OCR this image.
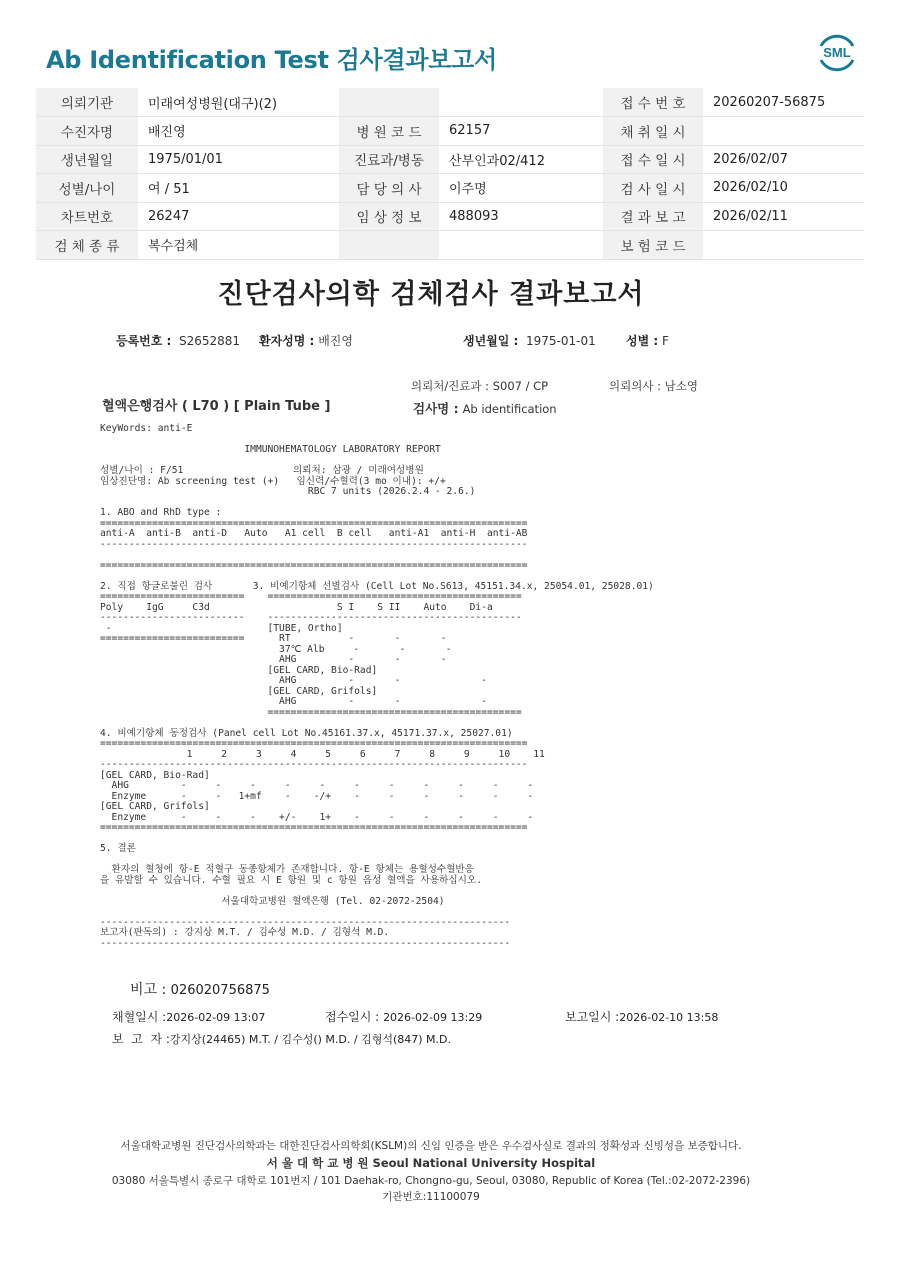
Ab Identification Test 검사결과보고서	SML
의뢰기관	미래여성병원(대구)(2)			접 수 번 호	20260207-56875
수진자명	배진영	병 원 코 드	62157	채 취 일 시	
생년월일	1975/01/01	진료과/병동	산부인과02/412	접 수 일 시	2026/02/07
성별/나이	여 / 51	담 당 의 사	이주명	검 사 일 시	2026/02/10
차트번호	26247	임 상 정 보	488093	결 과 보 고	2026/02/11
검 체 종 류	복수검체			보 험 코 드	
진단검사의학 검체검사 결과보고서
등록번호 : S2652881 환자성명 : 배진영	생년월일 : 1975-01-01	성별 : F
의뢰처/진료과 : S007 / CP	의뢰의사 : 남소영
혈액은행검사 ( L70 ) [ Plain Tube ]	검사명 : Ab identification
KeyWords: anti-E
IMMUNOHEMATOLOGY LABORATORY REPORT
성별/나이 : F/51                   의뢰처: 삼광 / 미래여성병원
임상진단명: Ab screening test (+)   임신력/수혈력(3 mo 이내): +/+
RBC 7 units (2026.2.4 - 2.6.)
1. ABO and RhD type :
==========================================================================
anti-A  anti-B  anti-D   Auto   A1 cell  B cell   anti-A1  anti-H  anti-AB
--------------------------------------------------------------------------
==========================================================================
2. 직접 항글로불린 검사       3. 비예기항체 선별검사 (Cell Lot No.S613, 45151.34.x, 25054.01, 25028.01)
=========================    ============================================
Poly    IgG     C3d                      S I    S II    Auto    Di-a
-------------------------    --------------------------------------------
-                           [TUBE, Ortho]
=========================      RT          -       -       -
37℃ Alb     -       -       -
AHG         -       -       -
[GEL CARD, Bio-Rad]
AHG         -       -              -
[GEL CARD, Grifols]
AHG         -       -              -
============================================
4. 비예기항체 동정검사 (Panel cell Lot No.45161.37.x, 45171.37.x, 25027.01)
==========================================================================
1     2     3     4     5     6     7     8     9     10    11
--------------------------------------------------------------------------
[GEL CARD, Bio-Rad]
AHG         -     -     -     -     -     -     -     -     -     -     -
Enzyme      -     -   1+mf    -    -/+    -     -     -     -     -     -
[GEL CARD, Grifols]
Enzyme      -     -     -    +/-    1+    -     -     -     -     -     -
==========================================================================
5. 결론
환자의 혈청에 항-E 적혈구 동종항체가 존재합니다. 항-E 항체는 용혈성수혈반응
을 유발할 수 있습니다. 수혈 필요 시 E 항원 및 c 항원 음성 혈액을 사용하십시오.
서울대학교병원 혈액은행 (Tel. 02-2072-2504)
-----------------------------------------------------------------------
보고자(판독의) : 강지상 M.T. / 김수성 M.D. / 김형석 M.D.
-----------------------------------------------------------------------
비고 : 026020756875
채혈일시 :2026-02-09 13:07	접수일시 : 2026-02-09 13:29	보고일시 :2026-02-10 13:58
보  고  자 :강지상(24465) M.T. / 김수성() M.D. / 김형석(847) M.D.
서울대학교병원 진단검사의학과는 대한진단검사의학회(KSLM)의 신임 인증을 받은 우수검사실로 결과의 정확성과 신빙성을 보증합니다.
서 울 대 학 교 병 원 Seoul National University Hospital
03080 서울특별시 종로구 대학로 101번지 / 101 Daehak-ro, Chongno-gu, Seoul, 03080, Republic of Korea (Tel.:02-2072-2396)
기관번호:11100079
